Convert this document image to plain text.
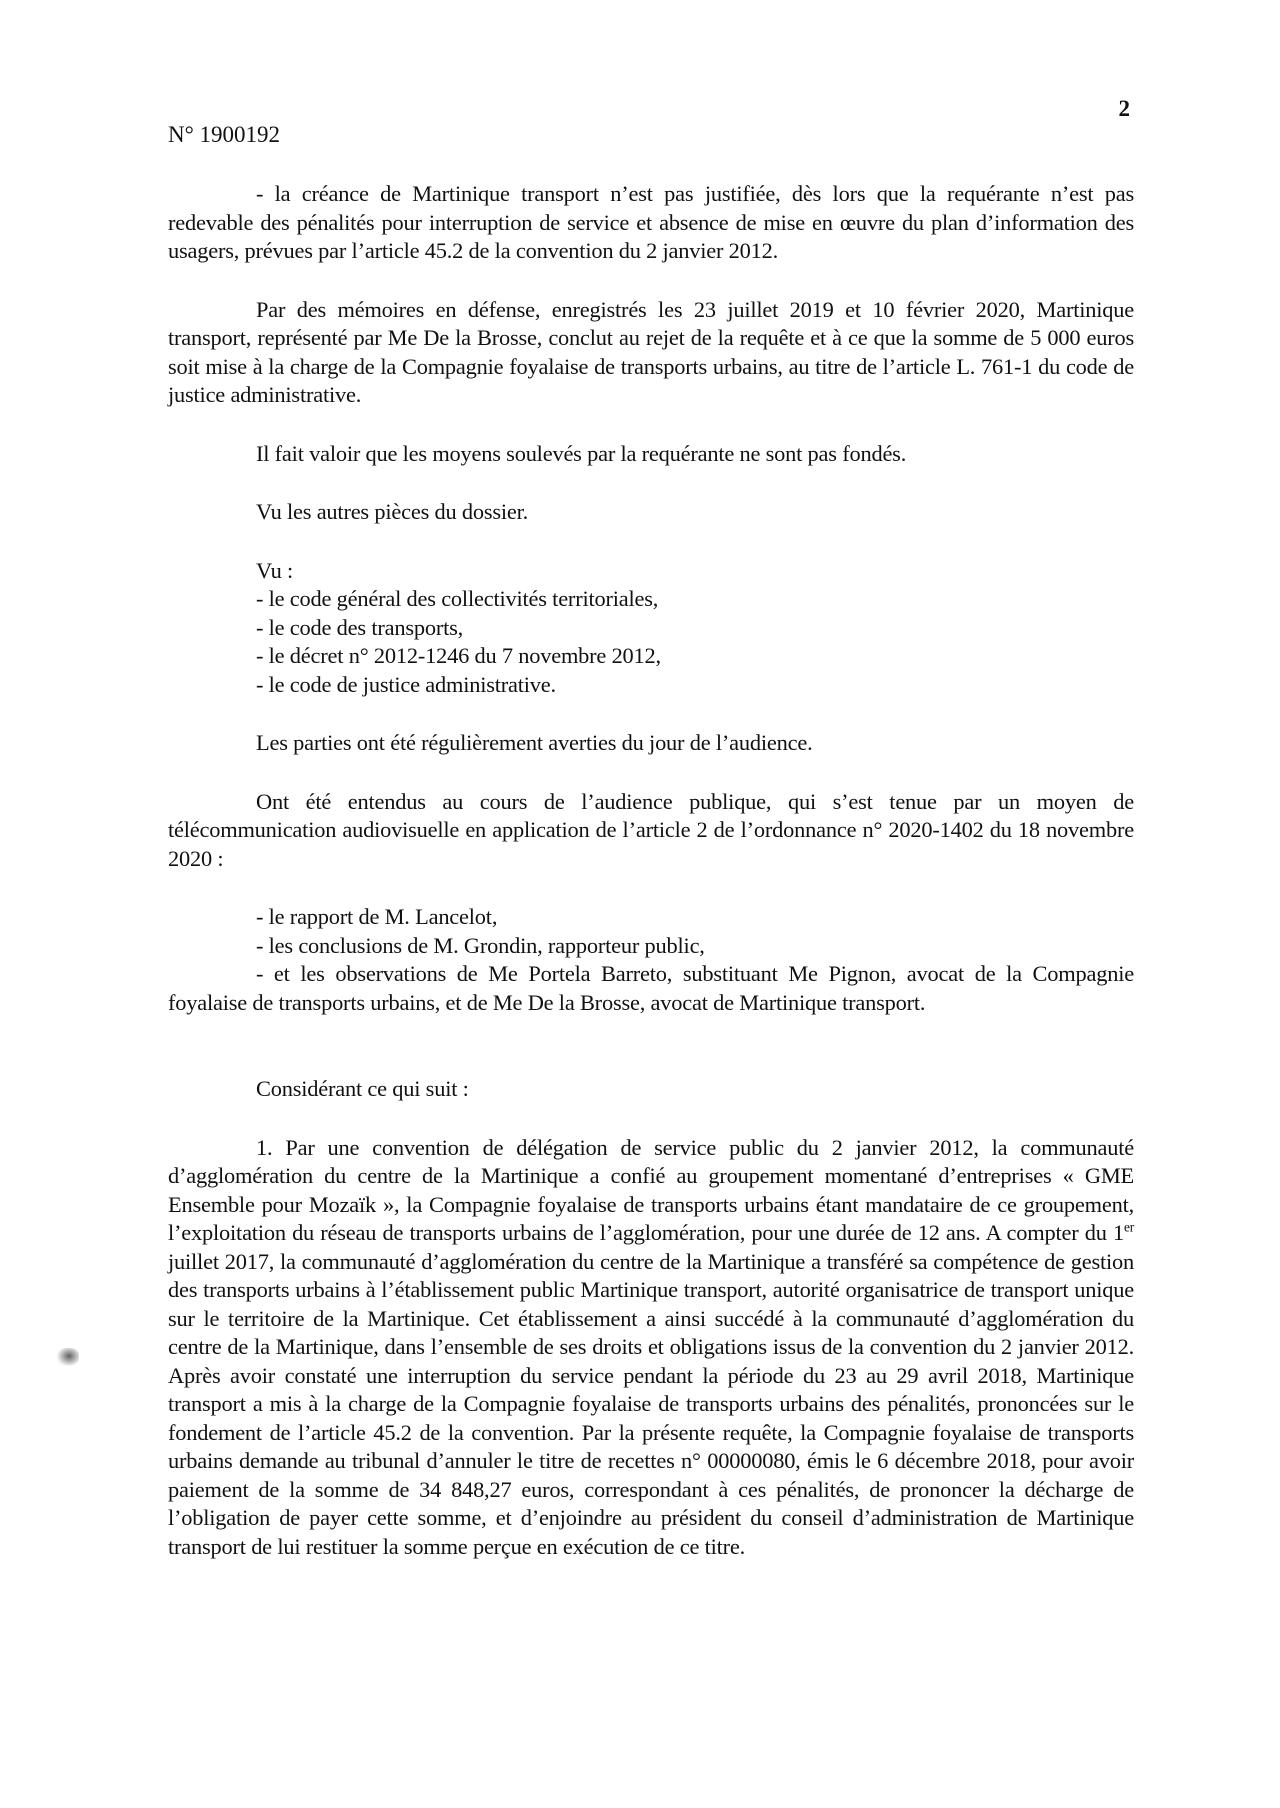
2
N° 1900192

- la créance de Martinique transport n’est pas justifiée, dès lors que la requérante n’est pas redevable des pénalités pour interruption de service et absence de mise en œuvre du plan d’information des usagers, prévues par l’article 45.2 de la convention du 2 janvier 2012.

Par des mémoires en défense, enregistrés les 23 juillet 2019 et 10 février 2020, Martinique transport, représenté par Me De la Brosse, conclut au rejet de la requête et à ce que la somme de 5 000 euros soit mise à la charge de la Compagnie foyalaise de transports urbains, au titre de l’article L. 761-1 du code de justice administrative.

Il fait valoir que les moyens soulevés par la requérante ne sont pas fondés.

Vu les autres pièces du dossier.

Vu :
- le code général des collectivités territoriales,
- le code des transports,
- le décret n° 2012-1246 du 7 novembre 2012,
- le code de justice administrative.

Les parties ont été régulièrement averties du jour de l’audience.

Ont été entendus au cours de l’audience publique, qui s’est tenue par un moyen de télécommunication audiovisuelle en application de l’article 2 de l’ordonnance n° 2020-1402 du 18 novembre 2020 :

- le rapport de M. Lancelot,

- les conclusions de M. Grondin, rapporteur public,

- et les observations de Me Portela Barreto, substituant Me Pignon, avocat de la Compagnie foyalaise de transports urbains, et de Me De la Brosse, avocat de Martinique transport.

Considérant ce qui suit :

1. Par une convention de délégation de service public du 2 janvier 2012, la communauté d’agglomération du centre de la Martinique a confié au groupement momentané d’entreprises « GME Ensemble pour Mozaïk », la Compagnie foyalaise de transports urbains étant mandataire de ce groupement, l’exploitation du réseau de transports urbains de l’agglomération, pour une durée de 12 ans. A compter du 1er juillet 2017, la communauté d’agglomération du centre de la Martinique a transféré sa compétence de gestion des transports urbains à l’établissement public Martinique transport, autorité organisatrice de transport unique sur le territoire de la Martinique. Cet établissement a ainsi succédé à la communauté d’agglomération du centre de la Martinique, dans l’ensemble de ses droits et obligations issus de la convention du 2 janvier 2012. Après avoir constaté une interruption du service pendant la période du 23 au 29 avril 2018, Martinique transport a mis à la charge de la Compagnie foyalaise de transports urbains des pénalités, prononcées sur le fondement de l’article 45.2 de la convention. Par la présente requête, la Compagnie foyalaise de transports urbains demande au tribunal d’annuler le titre de recettes n° 00000080, émis le 6 décembre 2018, pour avoir paiement de la somme de 34 848,27 euros, correspondant à ces pénalités, de prononcer la décharge de l’obligation de payer cette somme, et d’enjoindre au président du conseil d’administration de Martinique transport de lui restituer la somme perçue en exécution de ce titre.
